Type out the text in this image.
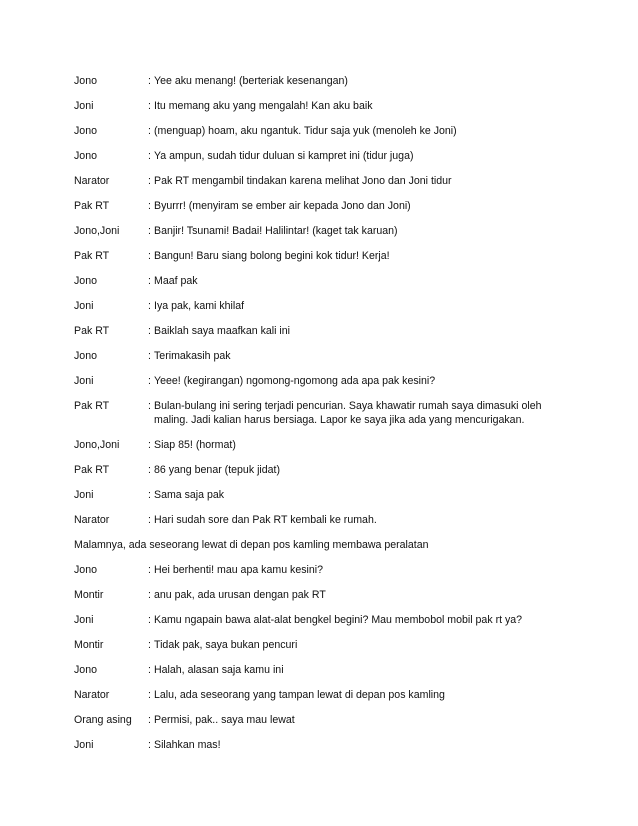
Jono	: Yee aku menang! (berteriak kesenangan)
Joni	: Itu memang aku yang mengalah! Kan aku baik
Jono	: (menguap) hoam, aku ngantuk. Tidur saja yuk (menoleh ke Joni)
Jono	: Ya ampun, sudah tidur duluan si kampret ini (tidur juga)
Narator	: Pak RT mengambil tindakan karena melihat Jono dan Joni tidur
Pak RT	: Byurrr! (menyiram se ember air kepada Jono dan Joni)
Jono,Joni	: Banjir! Tsunami! Badai! Halilintar! (kaget tak karuan)
Pak RT	: Bangun! Baru siang bolong begini kok tidur! Kerja!
Jono	: Maaf pak
Joni	: Iya pak, kami khilaf
Pak RT	: Baiklah saya maafkan kali ini
Jono	: Terimakasih pak
Joni	: Yeee! (kegirangan) ngomong-ngomong ada apa pak kesini?
Pak RT	: Bulan-bulang ini sering terjadi pencurian. Saya khawatir rumah saya dimasuki oleh maling. Jadi kalian harus bersiaga. Lapor ke saya jika ada yang mencurigakan.
Jono,Joni	: Siap 85! (hormat)
Pak RT	: 86 yang benar (tepuk jidat)
Joni	: Sama saja pak
Narator	: Hari sudah sore dan Pak RT kembali ke rumah.
Malamnya, ada seseorang lewat di depan pos kamling membawa peralatan
Jono	: Hei berhenti! mau apa kamu kesini?
Montir	: anu pak, ada urusan dengan pak RT
Joni	: Kamu ngapain bawa alat-alat bengkel begini? Mau membobol mobil pak rt ya?
Montir	: Tidak pak, saya bukan pencuri
Jono	: Halah, alasan saja kamu ini
Narator	: Lalu, ada seseorang yang tampan lewat di depan pos kamling
Orang asing	: Permisi, pak.. saya mau lewat
Joni	: Silahkan mas!
